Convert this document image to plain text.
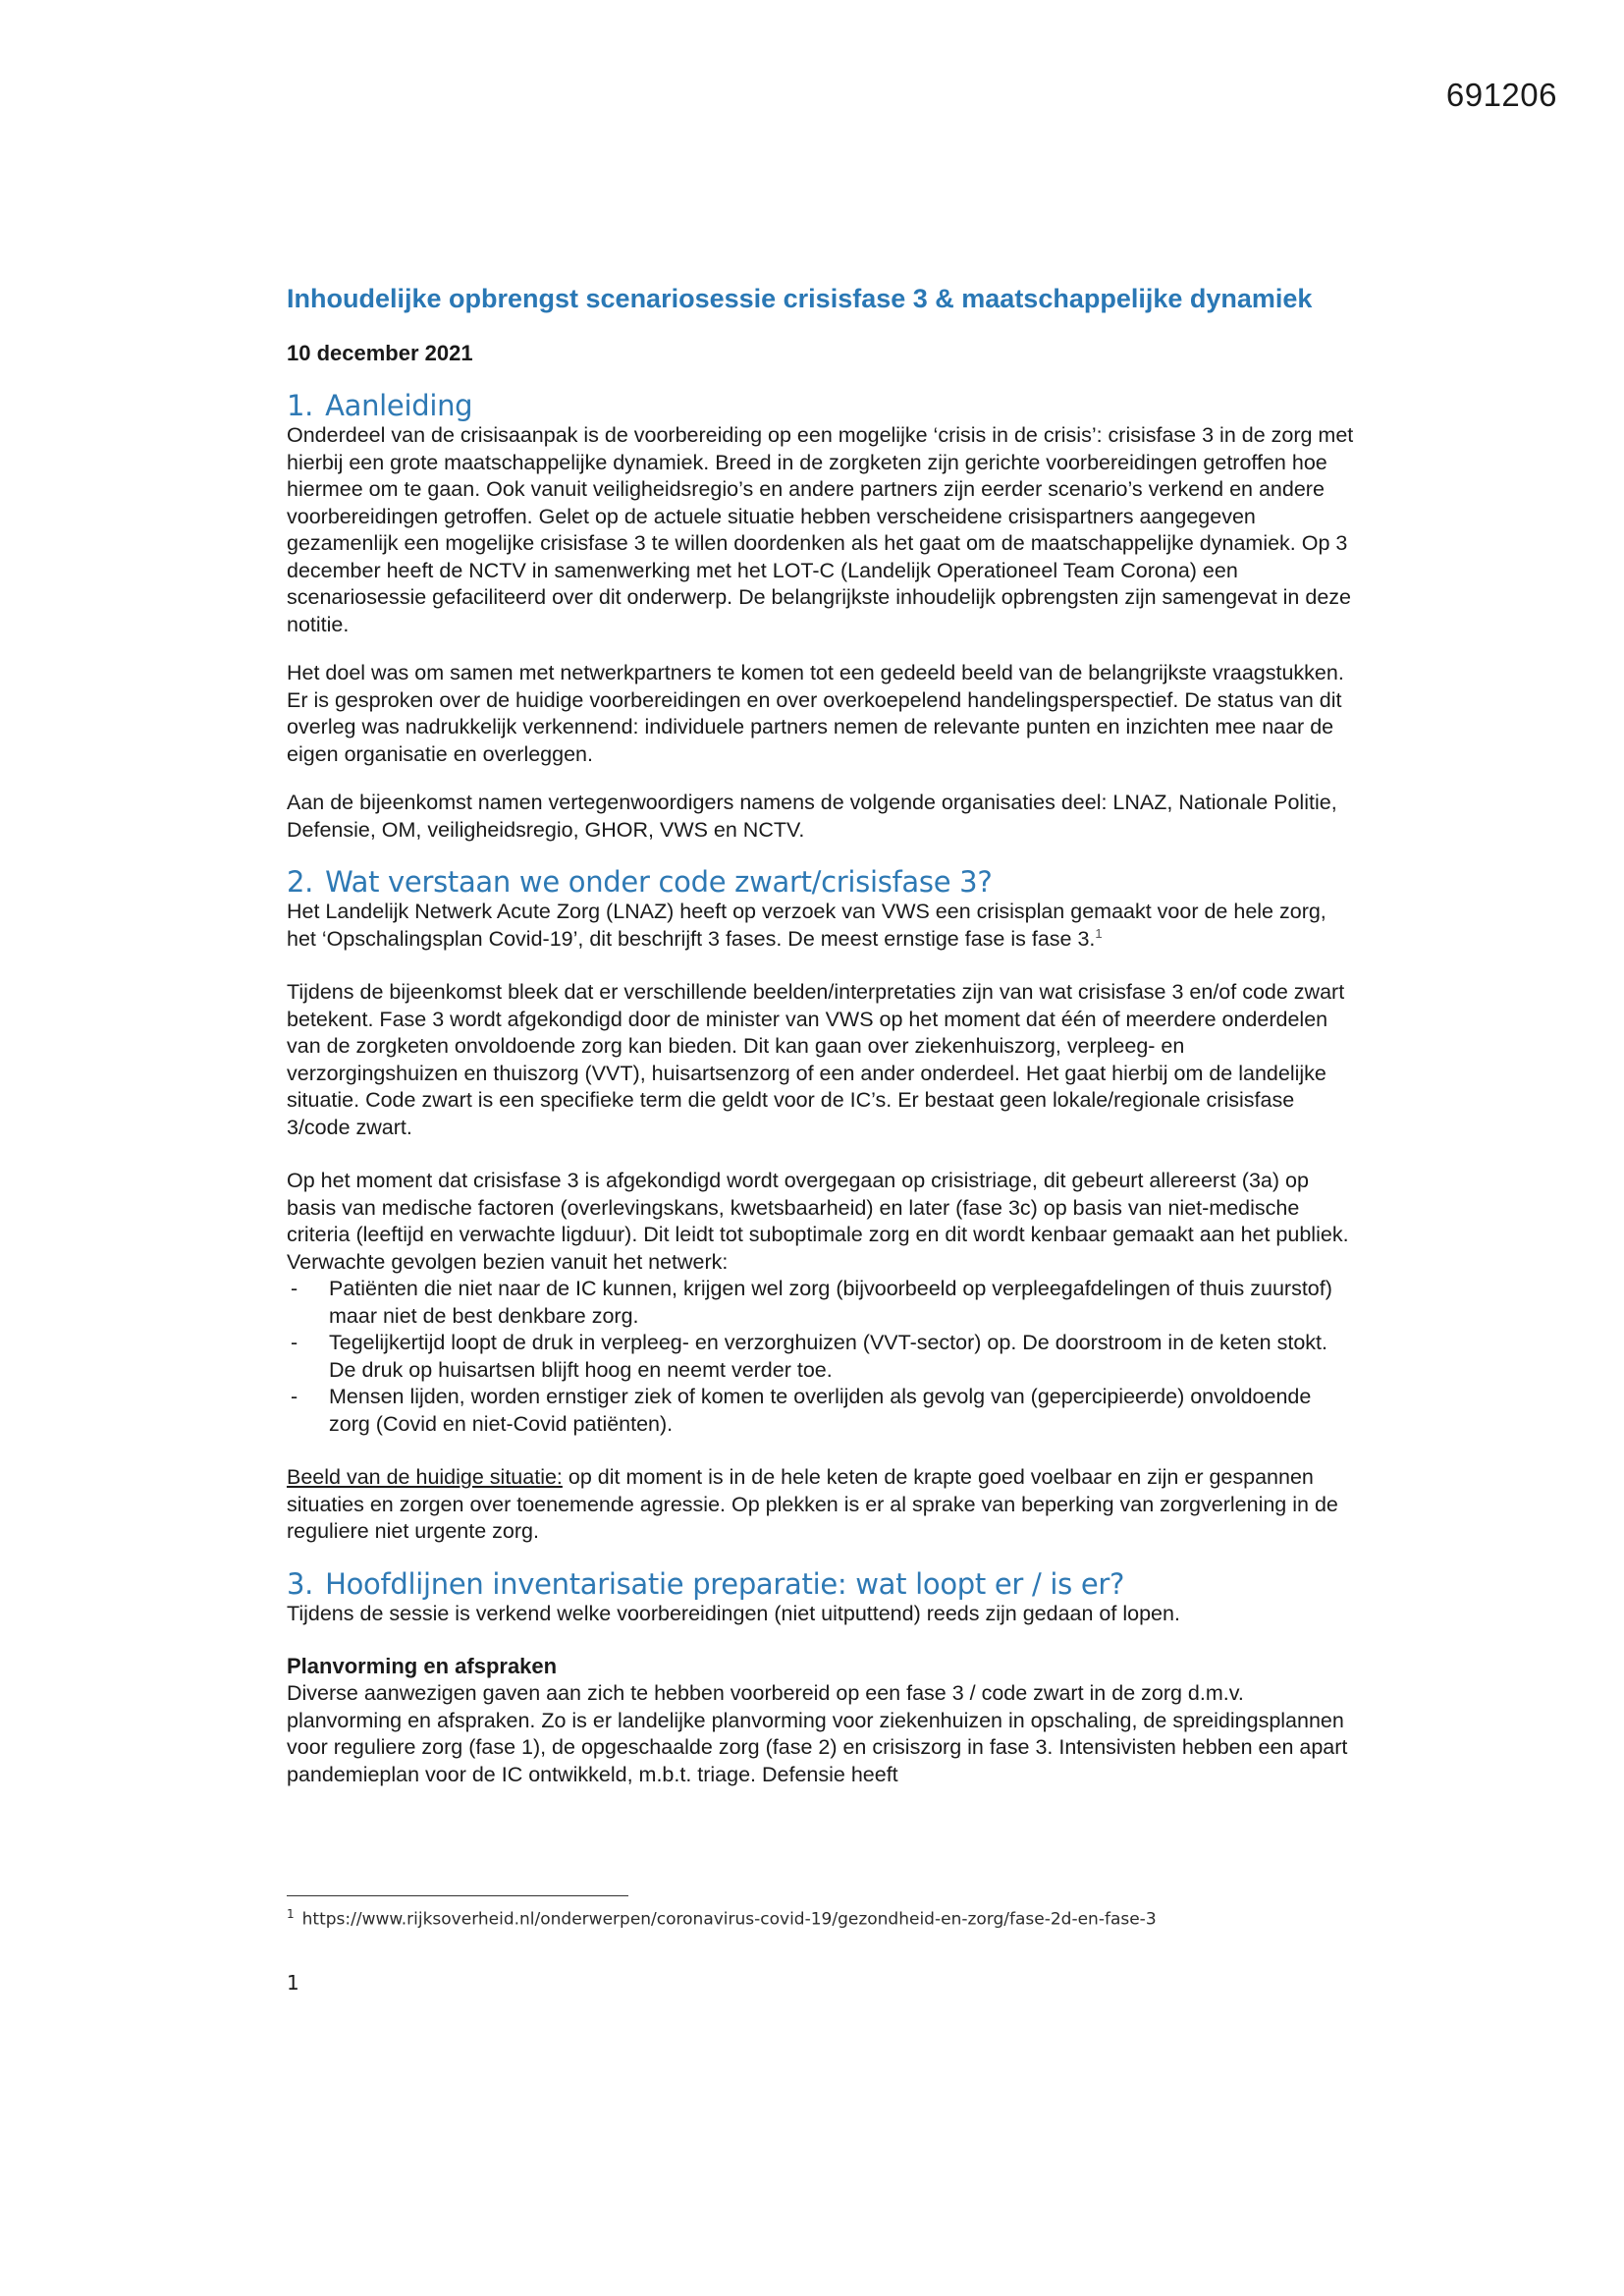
691206
Inhoudelijke opbrengst scenariosessie crisisfase 3 & maatschappelijke dynamiek
10 december 2021
1. Aanleiding

Onderdeel van de crisisaanpak is de voorbereiding op een mogelijke ‘crisis in de crisis’: crisisfase 3 in de zorg met hierbij een grote maatschappelijke dynamiek. Breed in de zorgketen zijn gerichte voorbereidingen getroffen hoe hiermee om te gaan. Ook vanuit veiligheidsregio’s en andere partners zijn eerder scenario’s verkend en andere voorbereidingen getroffen. Gelet op de actuele situatie hebben verscheidene crisispartners aangegeven gezamenlijk een mogelijke crisisfase 3 te willen doordenken als het gaat om de maatschappelijke dynamiek. Op 3 december heeft de NCTV in samenwerking met het LOT-C (Landelijk Operationeel Team Corona) een scenariosessie gefaciliteerd over dit onderwerp. De belangrijkste inhoudelijk opbrengsten zijn samengevat in deze notitie.

Het doel was om samen met netwerkpartners te komen tot een gedeeld beeld van de belangrijkste vraagstukken. Er is gesproken over de huidige voorbereidingen en over overkoepelend handelingsperspectief. De status van dit overleg was nadrukkelijk verkennend: individuele partners nemen de relevante punten en inzichten mee naar de eigen organisatie en overleggen.

Aan de bijeenkomst namen vertegenwoordigers namens de volgende organisaties deel: LNAZ, Nationale Politie, Defensie, OM, veiligheidsregio, GHOR, VWS en NCTV.

2. Wat verstaan we onder code zwart/crisisfase 3?

Het Landelijk Netwerk Acute Zorg (LNAZ) heeft op verzoek van VWS een crisisplan gemaakt voor de hele zorg, het ‘Opschalingsplan Covid-19’, dit beschrijft 3 fases. De meest ernstige fase is fase 3.$^1$

Tijdens de bijeenkomst bleek dat er verschillende beelden/interpretaties zijn van wat crisisfase 3 en/of code zwart betekent. Fase 3 wordt afgekondigd door de minister van VWS op het moment dat één of meerdere onderdelen van de zorgketen onvoldoende zorg kan bieden. Dit kan gaan over ziekenhuiszorg, verpleeg- en verzorgingshuizen en thuiszorg (VVT), huisartsenzorg of een ander onderdeel. Het gaat hierbij om de landelijke situatie. Code zwart is een specifieke term die geldt voor de IC’s. Er bestaat geen lokale/regionale crisisfase 3/code zwart.

Op het moment dat crisisfase 3 is afgekondigd wordt overgegaan op crisistriage, dit gebeurt allereerst (3a) op basis van medische factoren (overlevingskans, kwetsbaarheid) en later (fase 3c) op basis van niet-medische criteria (leeftijd en verwachte ligduur). Dit leidt tot suboptimale zorg en dit wordt kenbaar gemaakt aan het publiek. Verwachte gevolgen bezien vanuit het netwerk:

- Patiënten die niet naar de IC kunnen, krijgen wel zorg (bijvoorbeeld op verpleegafdelingen of thuis zuurstof) maar niet de best denkbare zorg.
- Tegelijkertijd loopt de druk in verpleeg- en verzorghuizen (VVT-sector) op. De doorstroom in de keten stokt. De druk op huisartsen blijft hoog en neemt verder toe.
- Mensen lijden, worden ernstiger ziek of komen te overlijden als gevolg van (gepercipieerde) onvoldoende zorg (Covid en niet-Covid patiënten).

Beeld van de huidige situatie: op dit moment is in de hele keten de krapte goed voelbaar en zijn er gespannen situaties en zorgen over toenemende agressie. Op plekken is er al sprake van beperking van zorgverlening in de reguliere niet urgente zorg.

3. Hoofdlijnen inventarisatie preparatie: wat loopt er / is er?

Tijdens de sessie is verkend welke voorbereidingen (niet uitputtend) reeds zijn gedaan of lopen.

Planvorming en afspraken

Diverse aanwezigen gaven aan zich te hebben voorbereid op een fase 3 / code zwart in de zorg d.m.v. planvorming en afspraken. Zo is er landelijke planvorming voor ziekenhuizen in opschaling, de spreidingsplannen voor reguliere zorg (fase 1), de opgeschaalde zorg (fase 2) en crisiszorg in fase 3. Intensivisten hebben een apart pandemieplan voor de IC ontwikkeld, m.b.t. triage. Defensie heeft

$^1$ https://www.rijksoverheid.nl/onderwerpen/coronavirus-covid-19/gezondheid-en-zorg/fase-2d-en-fase-3
1
